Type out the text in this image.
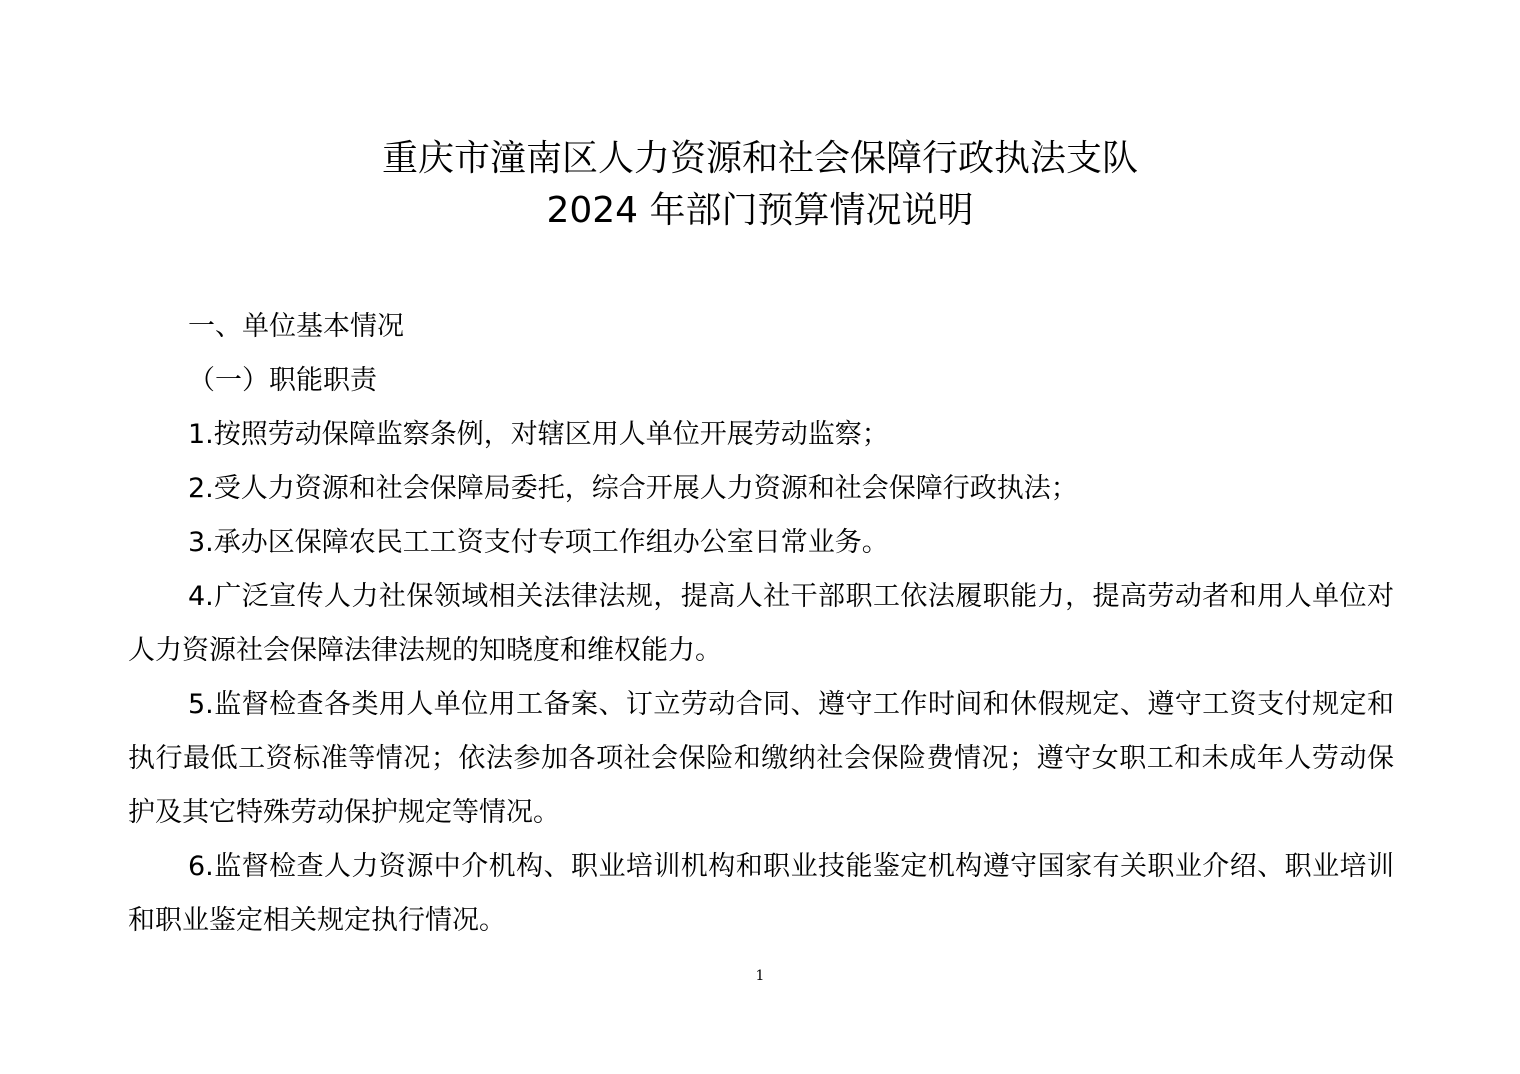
重庆市潼南区人力资源和社会保障行政执法支队
2024 年部门预算情况说明

一、单位基本情况

（一）职能职责

1.按照劳动保障监察条例，对辖区用人单位开展劳动监察；

2.受人力资源和社会保障局委托，综合开展人力资源和社会保障行政执法；

3.承办区保障农民工工资支付专项工作组办公室日常业务。

4.广泛宣传人力社保领域相关法律法规，提高人社干部职工依法履职能力，提高劳动者和用人单位对人力资源社会保障法律法规的知晓度和维权能力。

5.监督检查各类用人单位用工备案、订立劳动合同、遵守工作时间和休假规定、遵守工资支付规定和执行最低工资标准等情况；依法参加各项社会保险和缴纳社会保险费情况；遵守女职工和未成年人劳动保护及其它特殊劳动保护规定等情况。

6.监督检查人力资源中介机构、职业培训机构和职业技能鉴定机构遵守国家有关职业介绍、职业培训和职业鉴定相关规定执行情况。

1
